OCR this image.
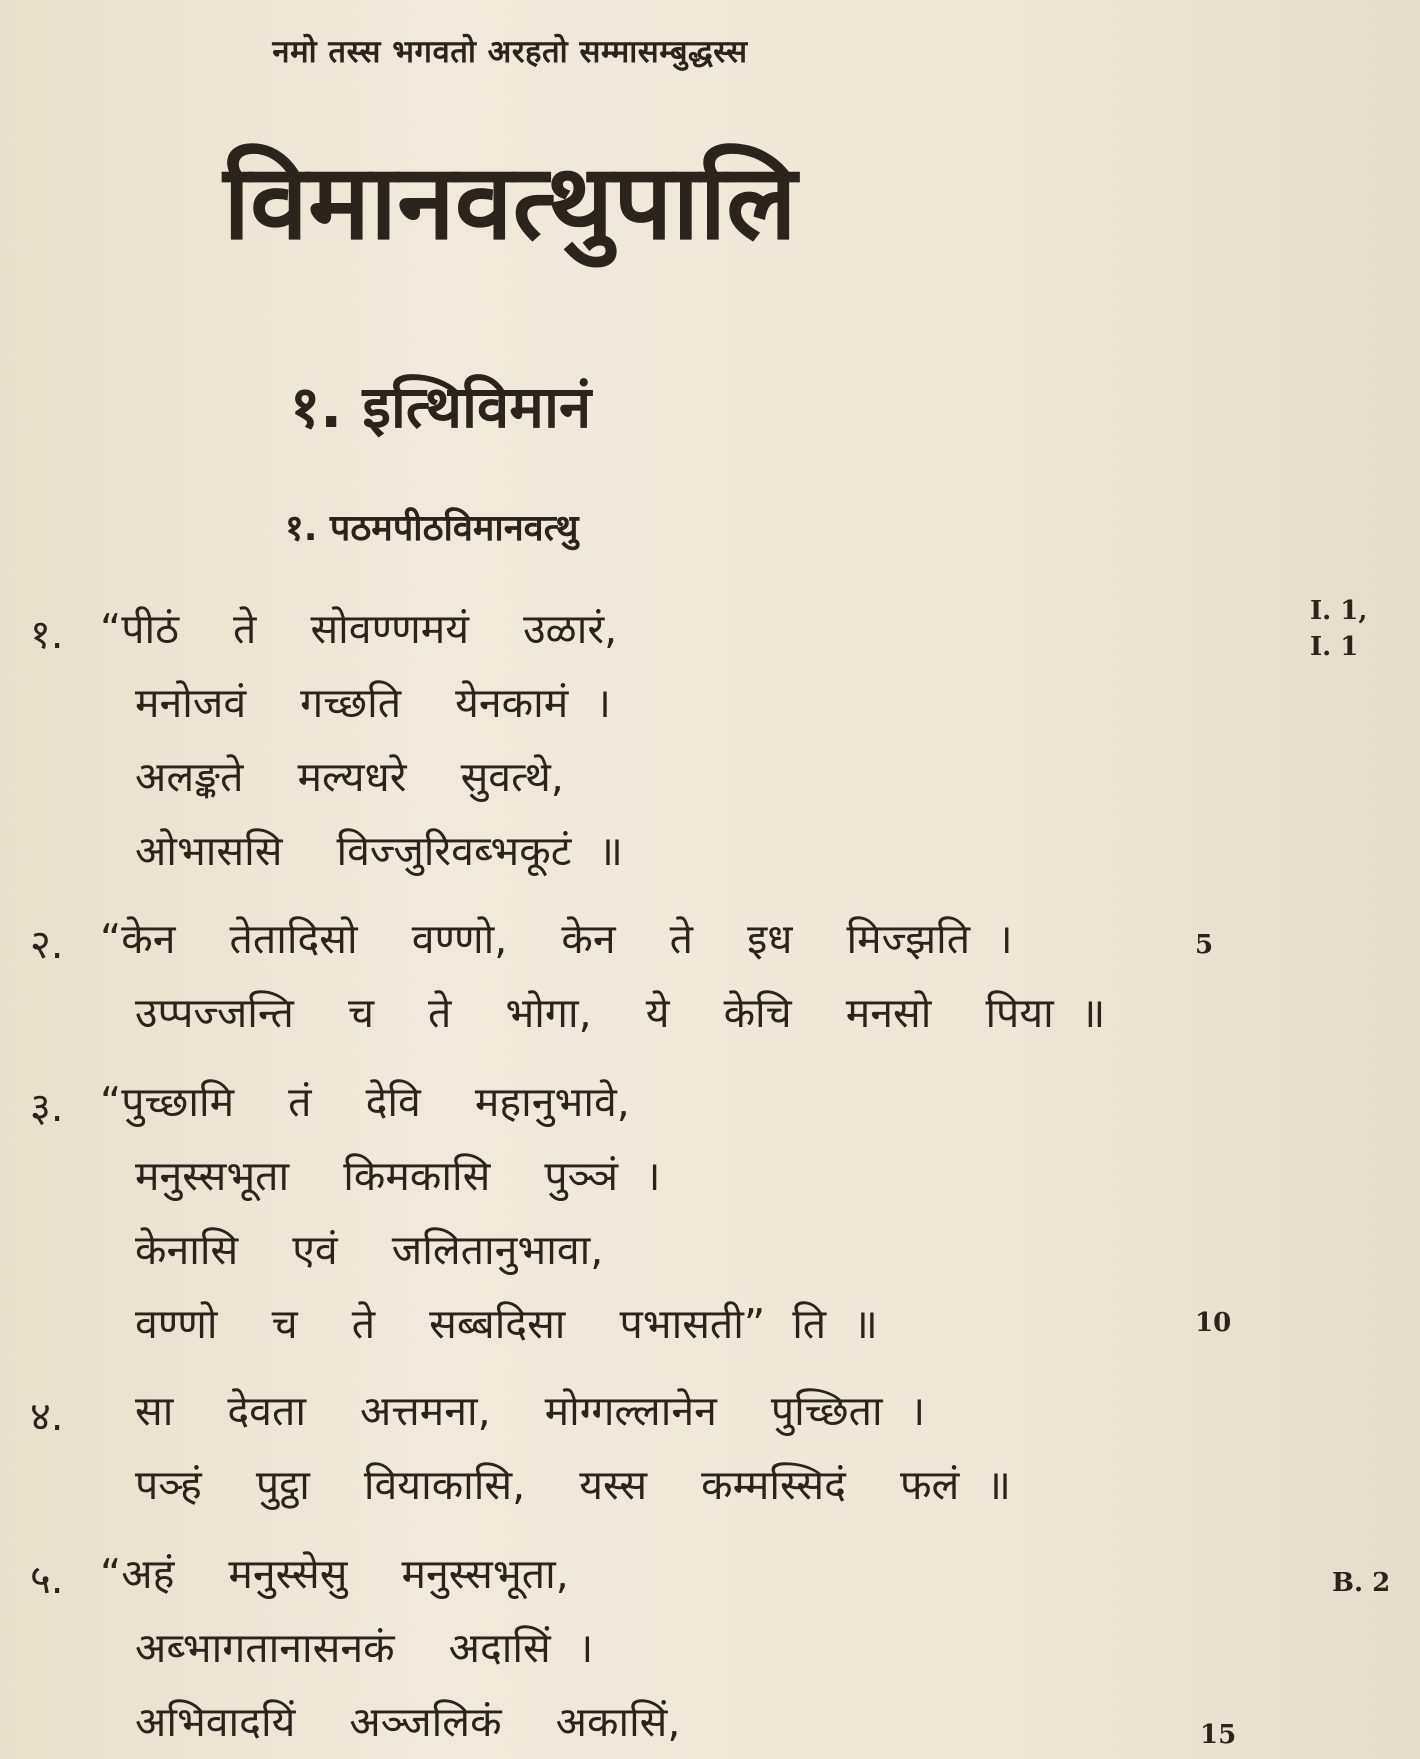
नमो तस्स भगवतो अरहतो सम्मासम्बुद्धस्स
विमानवत्थुपालि
१. इत्थिविमानं
१. पठमपीठविमानवत्थु
१. “पीठं  ते  सोवण्णमयं  उळारं,
मनोजवं  गच्छति  येनकामं ।
अलङ्कते  मल्यधरे  सुवत्थे,
ओभाससि  विज्जुरिवब्भकूटं ॥
२. “केन  तेतादिसो  वण्णो,  केन  ते  इध  मिज्झति ।
उप्पज्जन्ति  च  ते  भोगा,  ये  केचि  मनसो  पिया ॥
३. “पुच्छामि  तं  देवि  महानुभावे,
मनुस्सभूता  किमकासि  पुञ्ञं ।
केनासि  एवं  जलितानुभावा,
वण्णो  च  ते  सब्बदिसा  पभासती” ति ॥
४.	सा  देवता  अत्तमना,  मोग्गल्लानेन  पुच्छिता ।
पञ्हं  पुट्ठा  वियाकासि,  यस्स  कम्मस्सिदं  फलं ॥
५. “अहं  मनुस्सेसु  मनुस्सभूता,
अब्भागतानासनकं  अदासिं ।
अभिवादयिं  अञ्जलिकं  अकासिं,
I. 1,
I. 1
B. 2
5
10
15
